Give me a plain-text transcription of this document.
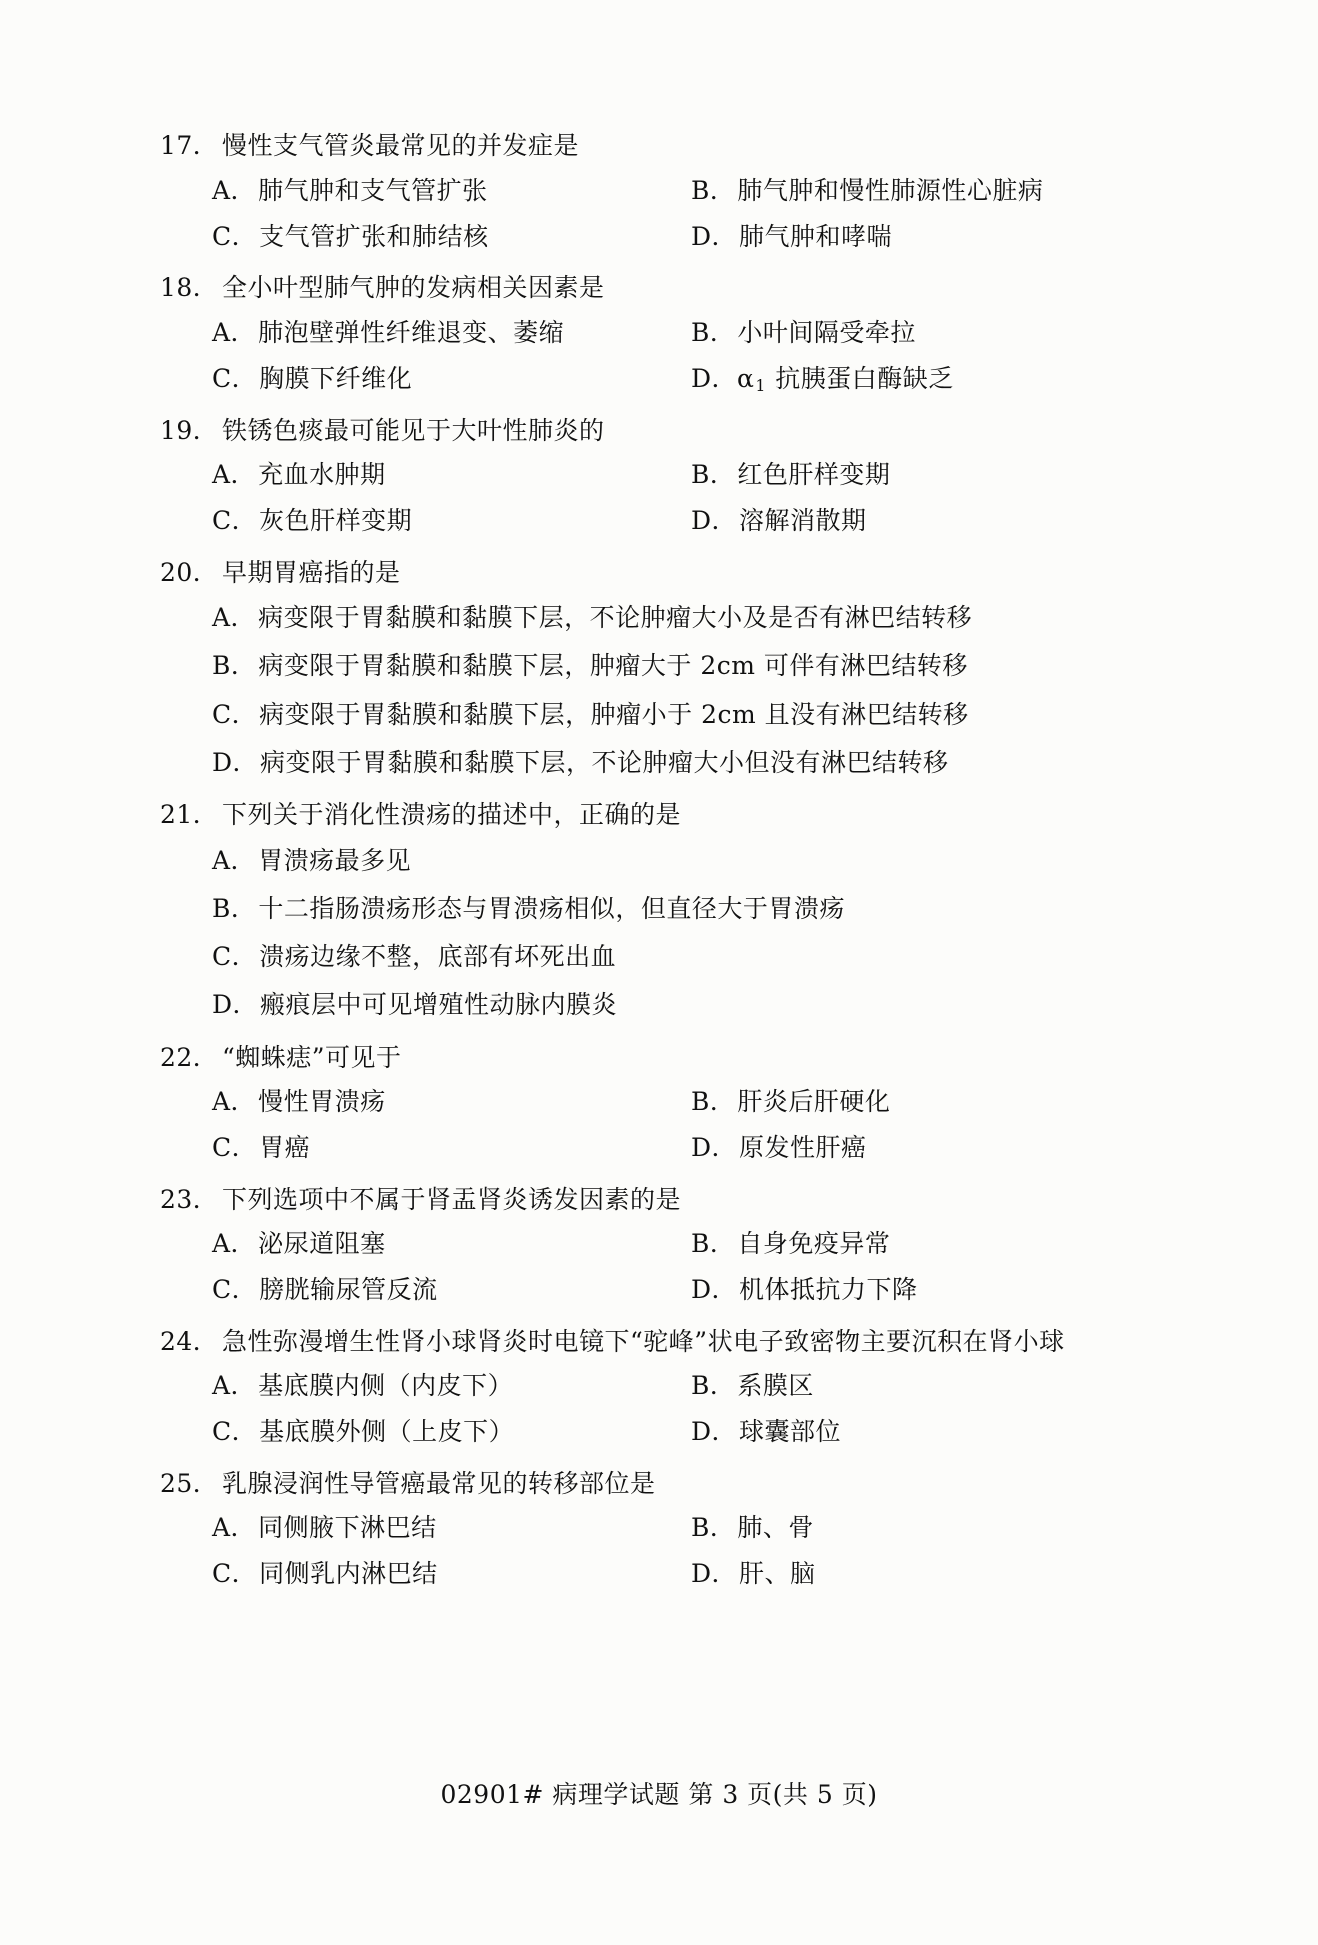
17． 慢性支气管炎最常见的并发症是
A．肺气肿和支气管扩张	B．肺气肿和慢性肺源性心脏病
C．支气管扩张和肺结核	D．肺气肿和哮喘
18． 全小叶型肺气肿的发病相关因素是
A．肺泡壁弹性纤维退变、萎缩	B．小叶间隔受牵拉
C．胸膜下纤维化	D．$\alpha_1$ 抗胰蛋白酶缺乏
19． 铁锈色痰最可能见于大叶性肺炎的
A．充血水肿期	B．红色肝样变期
C．灰色肝样变期	D．溶解消散期
20． 早期胃癌指的是
A．病变限于胃黏膜和黏膜下层，不论肿瘤大小及是否有淋巴结转移
B．病变限于胃黏膜和黏膜下层，肿瘤大于 2cm 可伴有淋巴结转移
C．病变限于胃黏膜和黏膜下层，肿瘤小于 2cm 且没有淋巴结转移
D．病变限于胃黏膜和黏膜下层，不论肿瘤大小但没有淋巴结转移
21． 下列关于消化性溃疡的描述中，正确的是
A．胃溃疡最多见
B．十二指肠溃疡形态与胃溃疡相似，但直径大于胃溃疡
C．溃疡边缘不整，底部有坏死出血
D．瘢痕层中可见增殖性动脉内膜炎
22． “蜘蛛痣”可见于
A．慢性胃溃疡	B．肝炎后肝硬化
C．胃癌	D．原发性肝癌
23． 下列选项中不属于肾盂肾炎诱发因素的是
A．泌尿道阻塞	B．自身免疫异常
C．膀胱输尿管反流	D．机体抵抗力下降
24． 急性弥漫增生性肾小球肾炎时电镜下“驼峰”状电子致密物主要沉积在肾小球
A．基底膜内侧（内皮下）	B．系膜区
C．基底膜外侧（上皮下）	D．球囊部位
25． 乳腺浸润性导管癌最常见的转移部位是
A．同侧腋下淋巴结	B．肺、骨
C．同侧乳内淋巴结	D．肝、脑
02901# 病理学试题 第 3 页(共 5 页)
